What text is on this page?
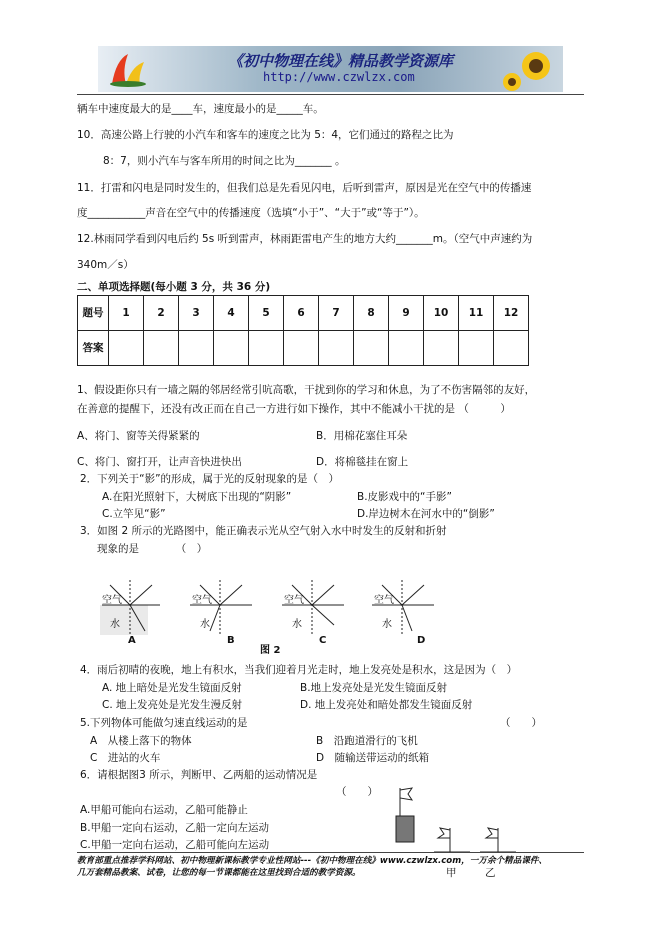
《初中物理在线》精品教学资源库
http://www.czwlzx.com
辆车中速度最大的是____车，速度最小的是_____车。
10．高速公路上行驶的小汽车和客车的速度之比为 5：4，它们通过的路程之比为
8：7，则小汽车与客车所用的时间之比为_______ 。
11．打雷和闪电是同时发生的，但我们总是先看见闪电，后听到雷声，原因是光在空气中的传播速
度___________声音在空气中的传播速度（选填“小于”、“大于”或“等于”）。
12.林雨同学看到闪电后约 5s 听到雷声，林雨距雷电产生的地方大约_______m。（空气中声速约为
340m／s）
二、单项选择题(每小题 3 分，共 36 分)
题号	1	2	3	4	5	6	7	8	9	10	11	12
答案												
1、假设距你只有一墙之隔的邻居经常引吭高歌，干扰到你的学习和休息，为了不伤害隔邻的友好，
在善意的提醒下，还没有改正而在自己一方进行如下操作，其中不能减小干扰的是 （　　　）
A、将门、窗等关得紧紧的	B．用棉花塞住耳朵
C、将门、窗打开，让声音快进快出	D．将棉毯挂在窗上
2．下列关于“影”的形成，属于光的反射现象的是（　）
A.在阳光照射下，大树底下出现的“阴影”	B.皮影戏中的“手影”
C.立竿见“影”	D.岸边树木在河水中的“倒影”
3．如图 2 所示的光路图中，能正确表示光从空气射入水中时发生的反射和折射
现象的是　　　　（　）
空气
水
空气
水
空气
水
空气
水
A	B	C	D
图 2
4．雨后初晴的夜晚，地上有积水，当我们迎着月光走时，地上发亮处是积水，这是因为（　）
A. 地上暗处是光发生镜面反射	B.地上发亮处是光发生镜面反射
C. 地上发亮处是光发生漫反射	D. 地上发亮处和暗处都发生镜面反射
5.下列物体可能做匀速直线运动的是	（　　）
A　从楼上落下的物体	B　沿跑道滑行的飞机
C　进站的火车	D　随输送带运动的纸箱
6．请根据图3 所示，判断甲、乙两船的运动情况是
（　　）
A.甲船可能向右运动，乙船可能静止
B.甲船一定向右运动，乙船一定向左运动
C.甲船一定向右运动，乙船可能向左运动
教育部重点推荐学科网站、初中物理新课标教学专业性网站---《初中物理在线》www.czwlzx.com，一万余个精品课件、
几万套精品教案、试卷，让您的每一节课都能在这里找到合适的教学资源。	甲	乙
